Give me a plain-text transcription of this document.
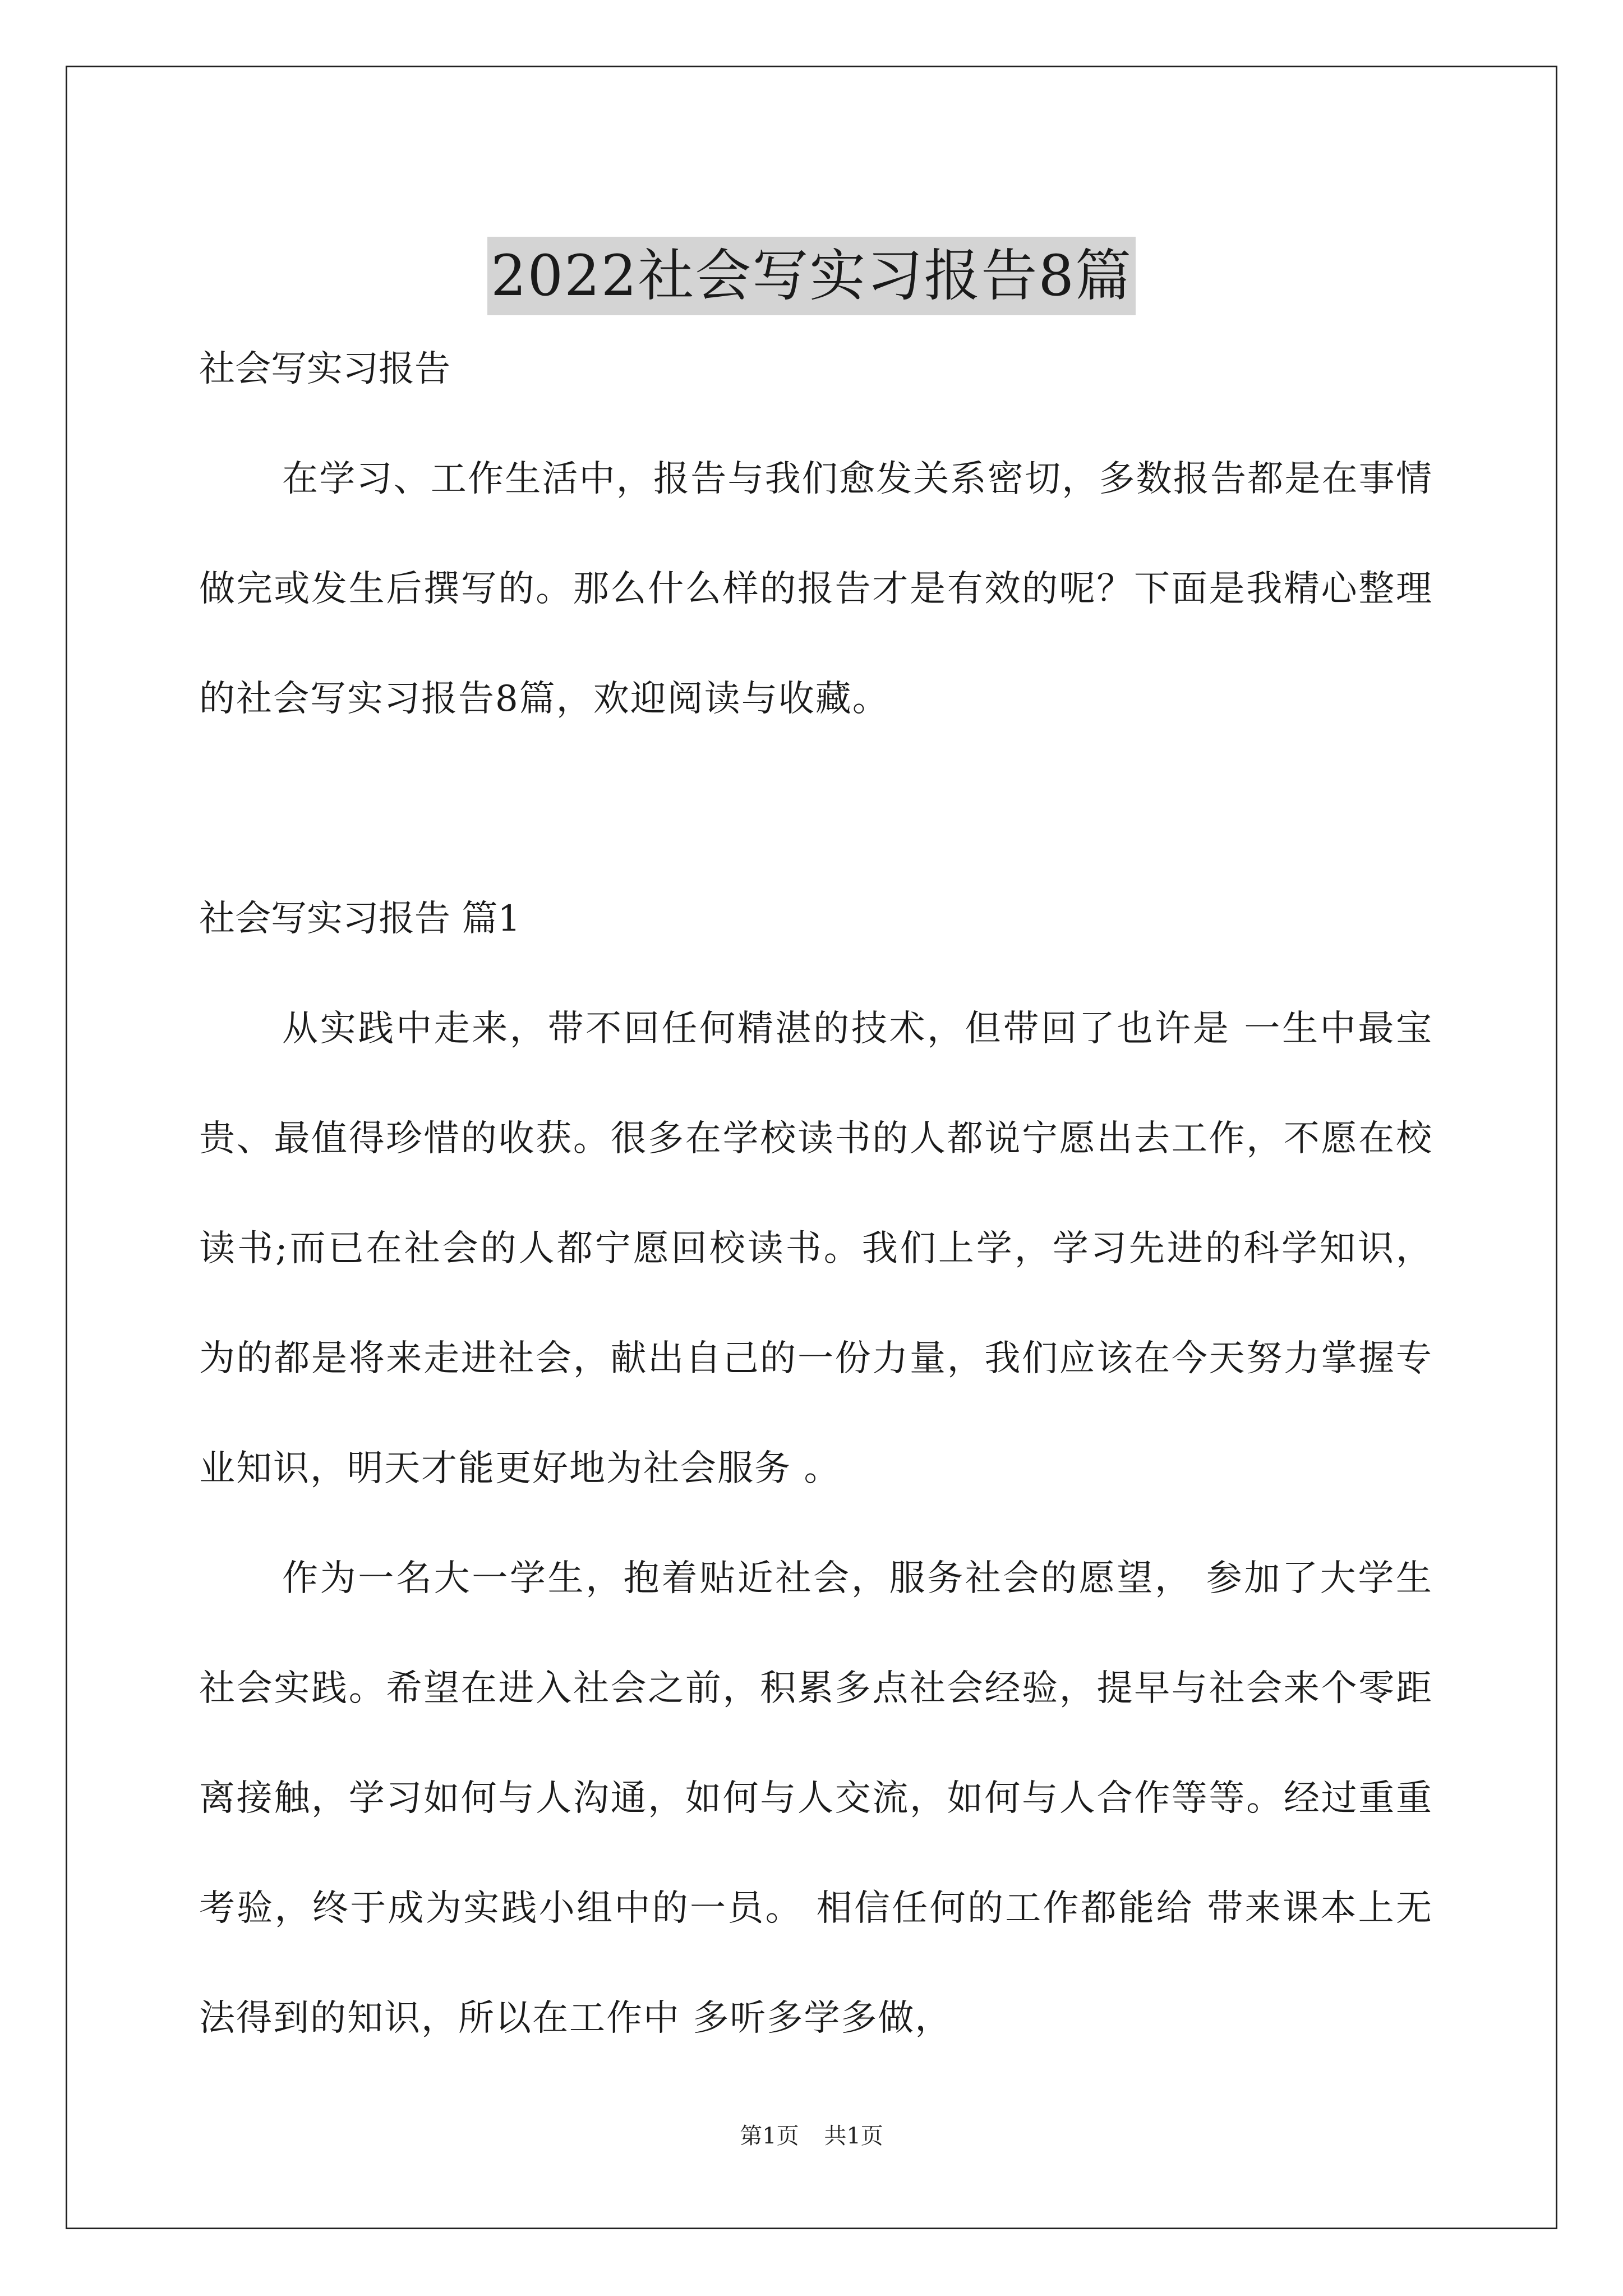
2022社会写实习报告8篇

社会写实习报告

在学习、工作生活中，报告与我们愈发关系密切，多数报告都是在事情做完或发生后撰写的。那么什么样的报告才是有效的呢？下面是我精心整理的社会写实习报告8篇，欢迎阅读与收藏。

社会写实习报告 篇1

从实践中走来，带不回任何精湛的技术，但带回了也许是 一生中最宝贵、最值得珍惜的收获。很多在学校读书的人都说宁愿出去工作，不愿在校读书;而已在社会的人都宁愿回校读书。我们上学，学习先进的科学知识，为的都是将来走进社会，献出自己的一份力量，我们应该在今天努力掌握专业知识，明天才能更好地为社会服务 。

作为一名大一学生，抱着贴近社会，服务社会的愿望， 参加了大学生社会实践。希望在进入社会之前，积累多点社会经验，提早与社会来个零距离接触，学习如何与人沟通，如何与人交流，如何与人合作等等。经过重重考验，终于成为实践小组中的一员。 相信任何的工作都能给 带来课本上无法得到的知识，所以在工作中 多听多学多做，

第1页 共1页
